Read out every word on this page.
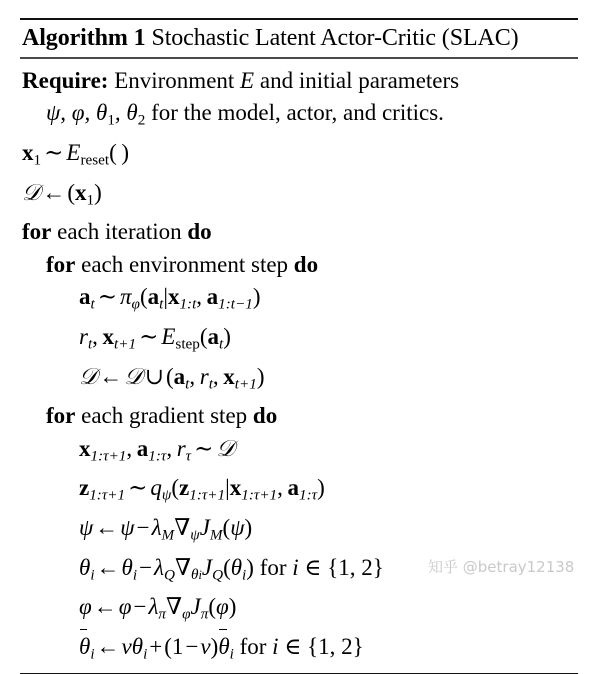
Algorithm 1 Stochastic Latent Actor-Critic (SLAC)
Require: Environment E and initial parameters
ψ, φ, θ1, θ2 for the model, actor, and critics.
x1 ∼ Ereset( )
𝒟←(x1)
for each iteration do
for each environment step do
at ∼ πφ(at|x1:t, a1:t−1)
rt, xt+1 ∼ Estep(at)
𝒟←𝒟∪(at, rt, xt+1)
for each gradient step do
x1:τ+1, a1:τ, rτ ∼ 𝒟
z1:τ+1 ∼ qψ(z1:τ+1|x1:τ+1, a1:τ)
ψ←ψ−λM∇ψJM(ψ)
θi←θi−λQ∇θiJQ(θi) for i ∈ {1, 2}
φ←φ−λπ∇φJπ(φ)
θi←νθi+(1−ν)θi for i ∈ {1, 2}
知乎 @betray12138
